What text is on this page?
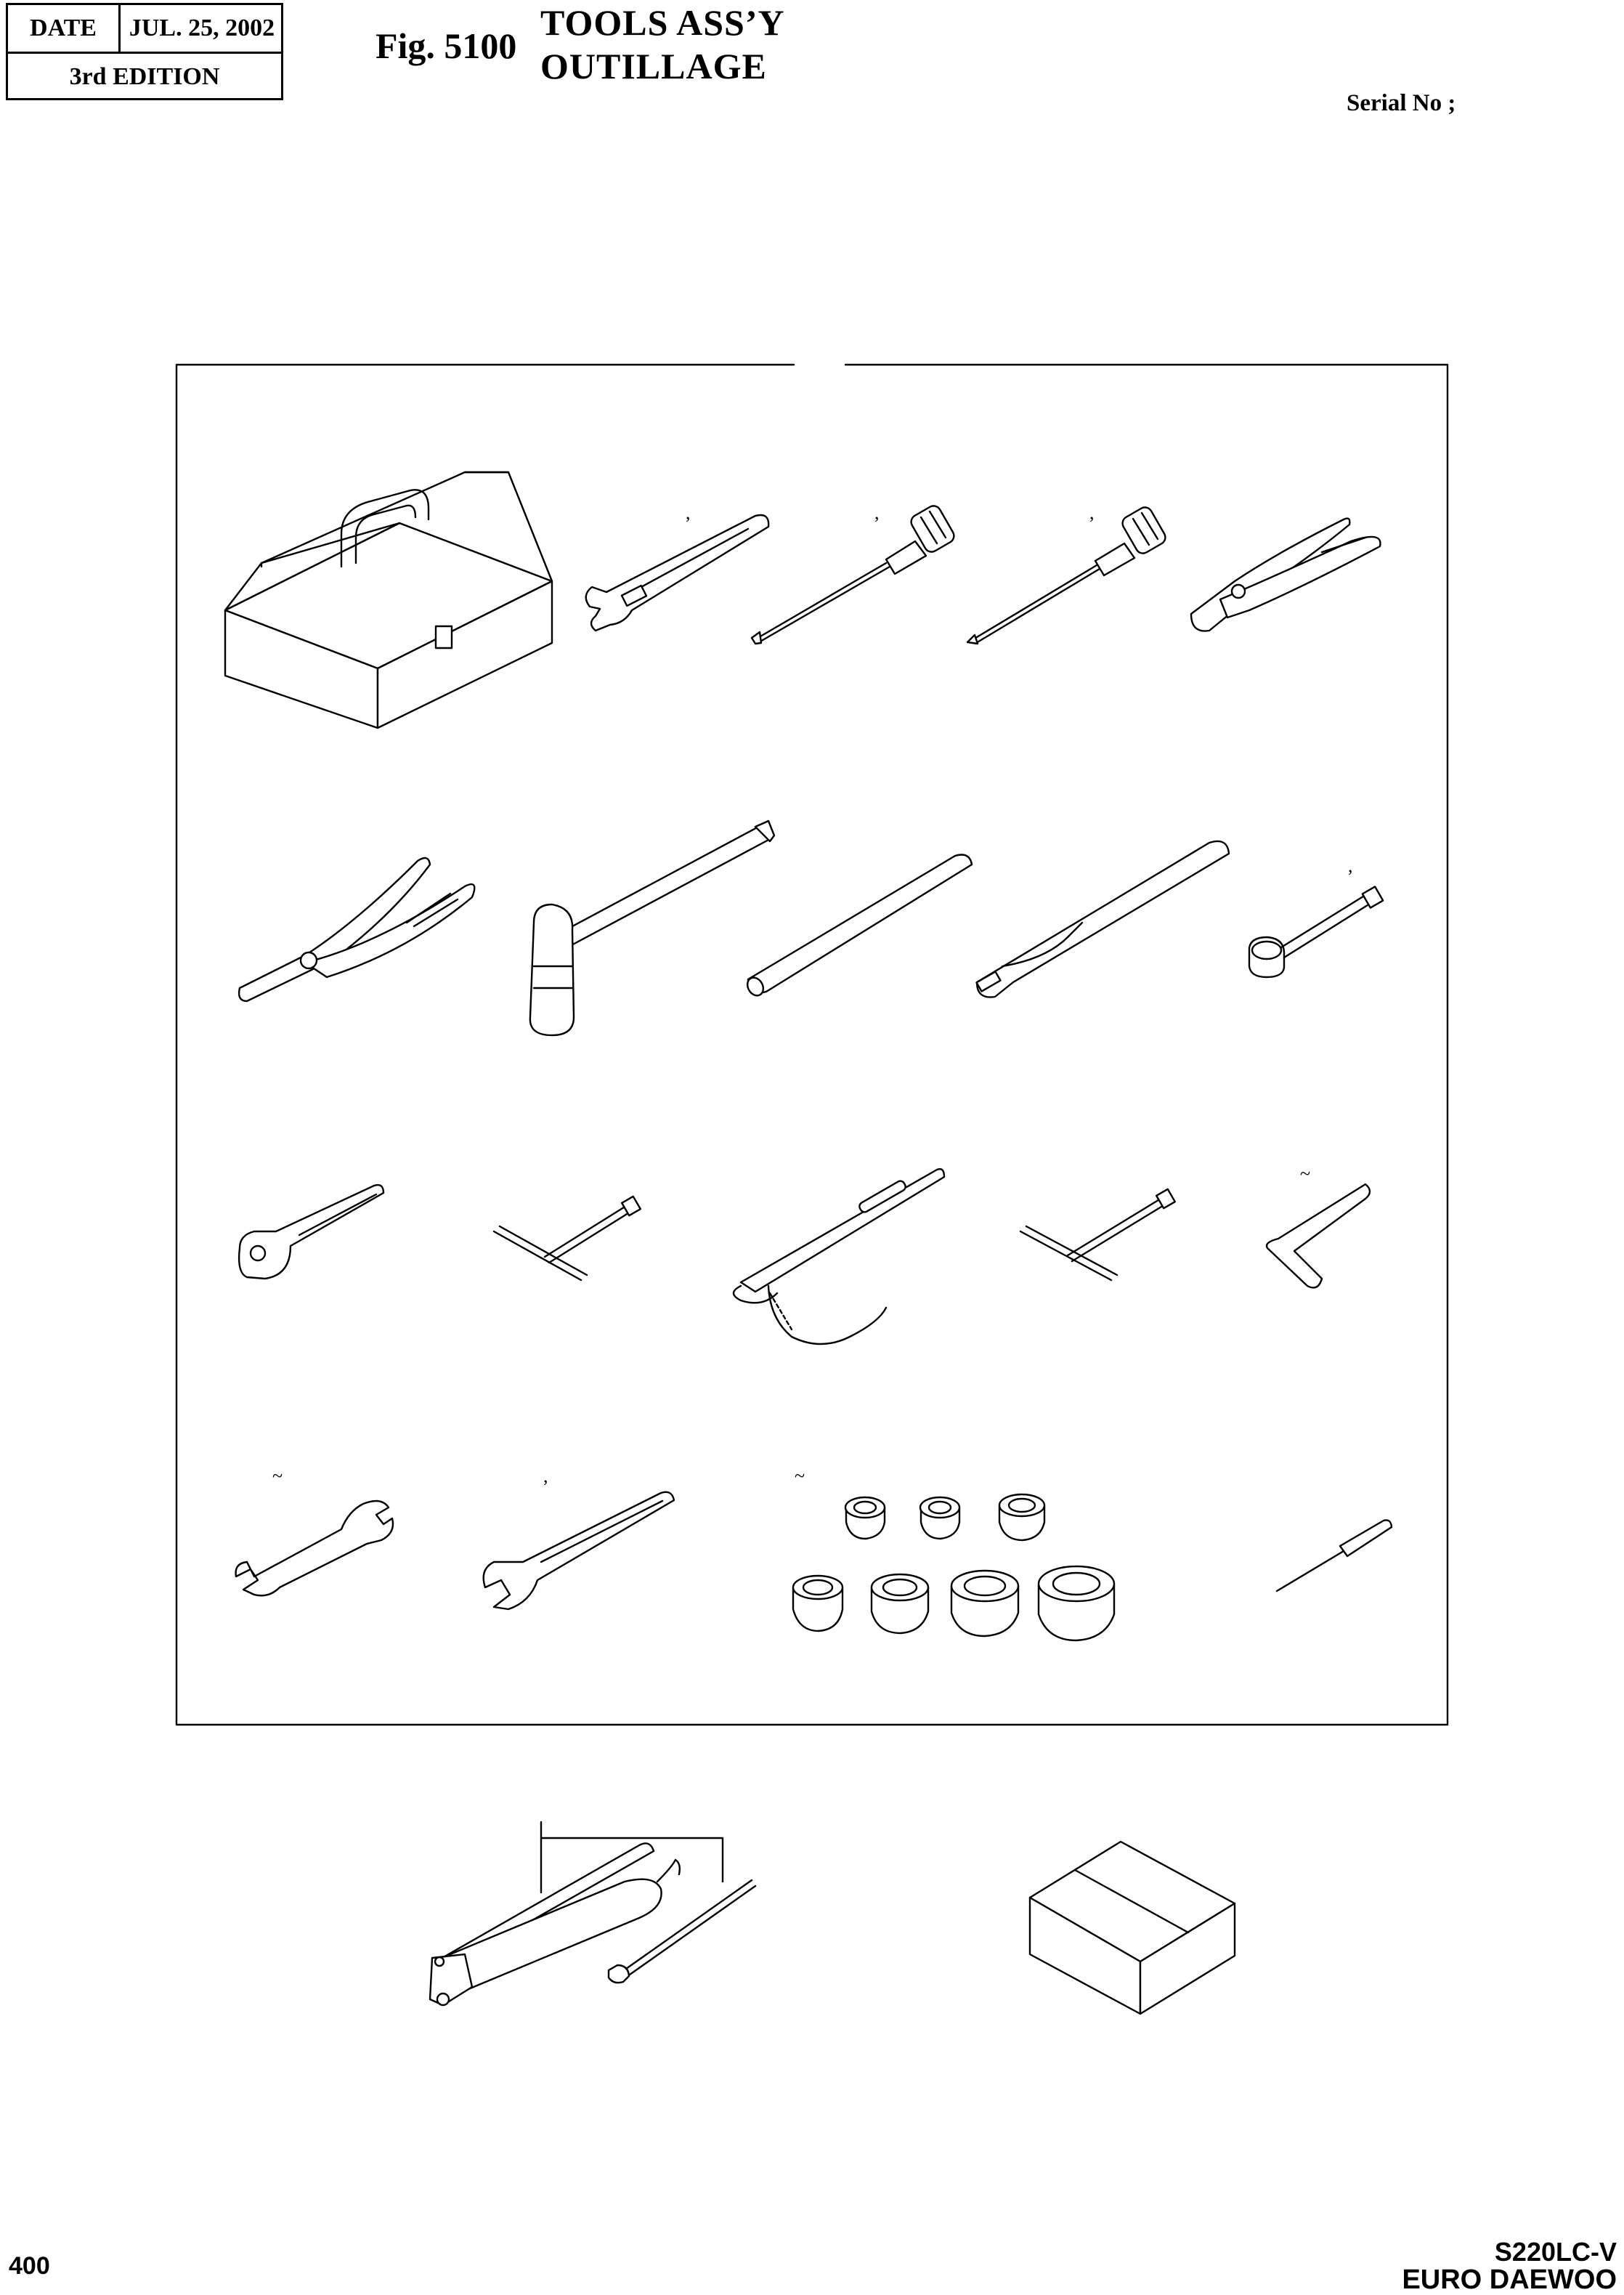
DATE	JUL. 25, 2002
3rd EDITION
Fig. 5100
TOOLS ASS’Y
OUTILLAGE
Serial No ;
,	,	,
,
~
~	,	~
400	S220LC-V
EURO DAEWOO
